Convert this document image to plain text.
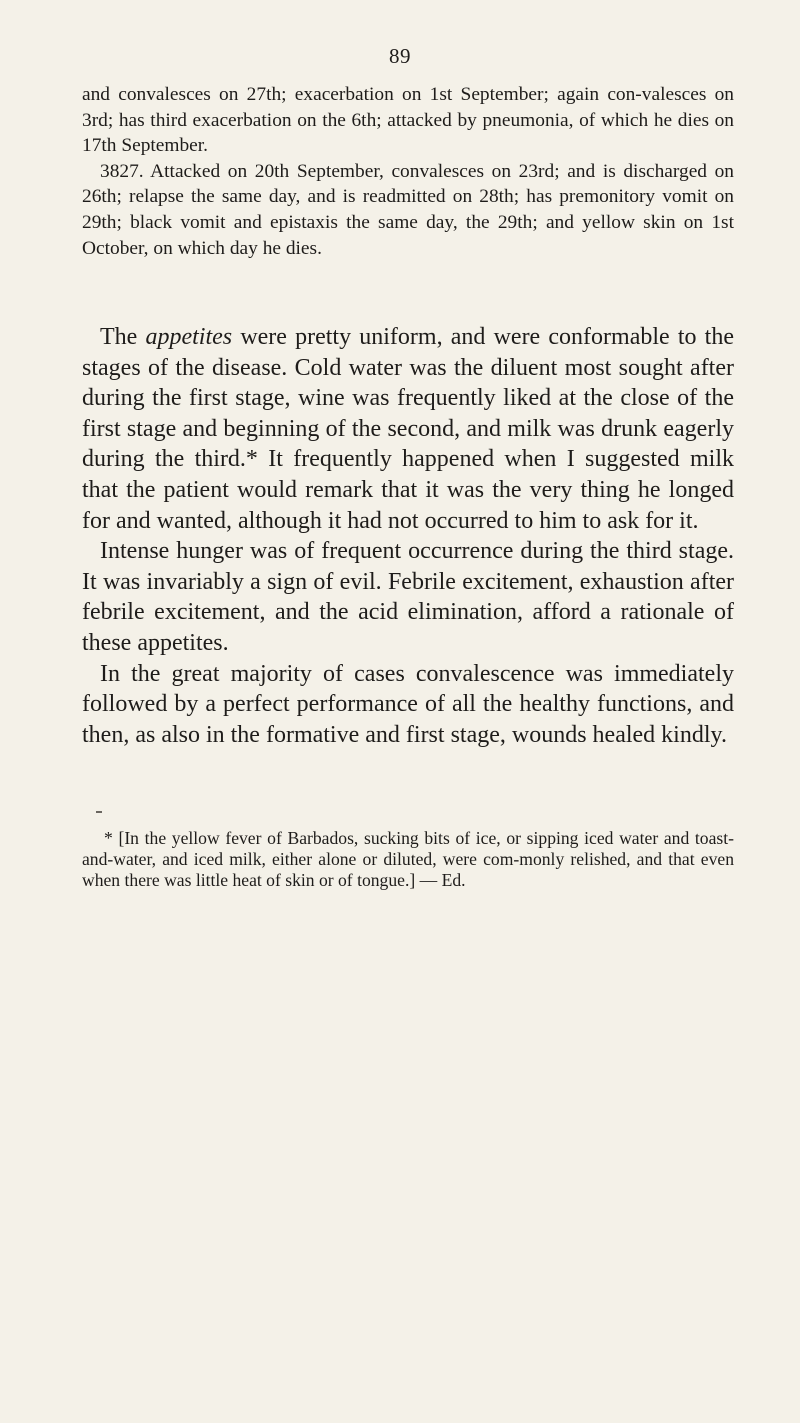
89

and convalesces on 27th; exacerbation on 1st September; again con-valesces on 3rd; has third exacerbation on the 6th; attacked by pneumonia, of which he dies on 17th September.

3827. Attacked on 20th September, convalesces on 23rd; and is discharged on 26th; relapse the same day, and is readmitted on 28th; has premonitory vomit on 29th; black vomit and epistaxis the same day, the 29th; and yellow skin on 1st October, on which day he dies.

The appetites were pretty uniform, and were conformable to the stages of the disease. Cold water was the diluent most sought after during the first stage, wine was frequently liked at the close of the first stage and beginning of the second, and milk was drunk eagerly during the third.* It frequently happened when I suggested milk that the patient would remark that it was the very thing he longed for and wanted, although it had not occurred to him to ask for it.

Intense hunger was of frequent occurrence during the third stage. It was invariably a sign of evil. Febrile excitement, exhaustion after febrile excitement, and the acid elimination, afford a rationale of these appetites.

In the great majority of cases convalescence was immediately followed by a perfect performance of all the healthy functions, and then, as also in the formative and first stage, wounds healed kindly.

* [In the yellow fever of Barbados, sucking bits of ice, or sipping iced water and toast-and-water, and iced milk, either alone or diluted, were com-monly relished, and that even when there was little heat of skin or of tongue.] — Ed.
